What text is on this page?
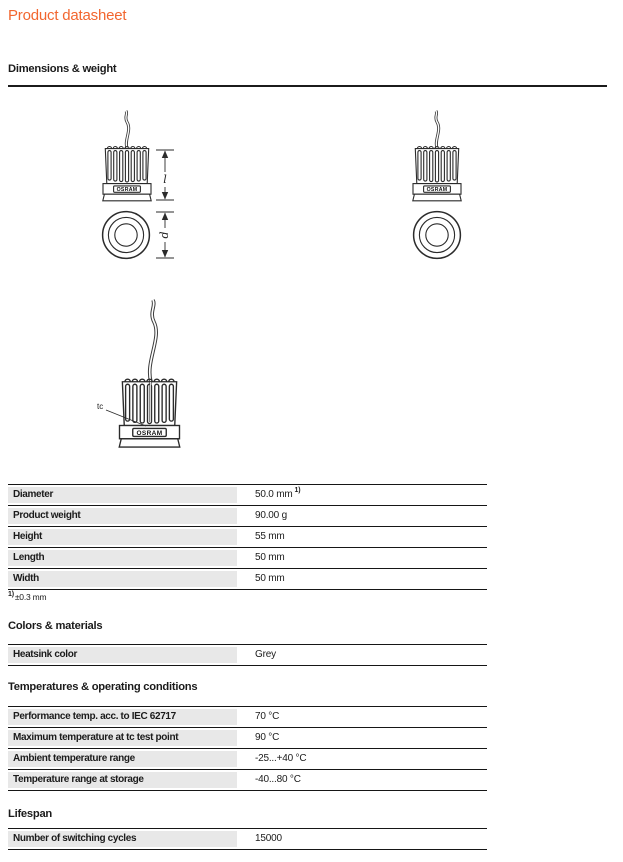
Product datasheet
Dimensions & weight
OSRAM
l
d
tc
Diameter	50.0 mm $^{1)}$
Product weight	90.00 g
Height	55 mm
Length	50 mm
Width	50 mm
$^{1)}$±0.3 mm
Colors & materials
Heatsink color	Grey
Temperatures & operating conditions
Performance temp. acc. to IEC 62717	70 °C
Maximum temperature at tc test point	90 °C
Ambient temperature range	-25...+40 °C
Temperature range at storage	-40...80 °C
Lifespan
Number of switching cycles	15000
